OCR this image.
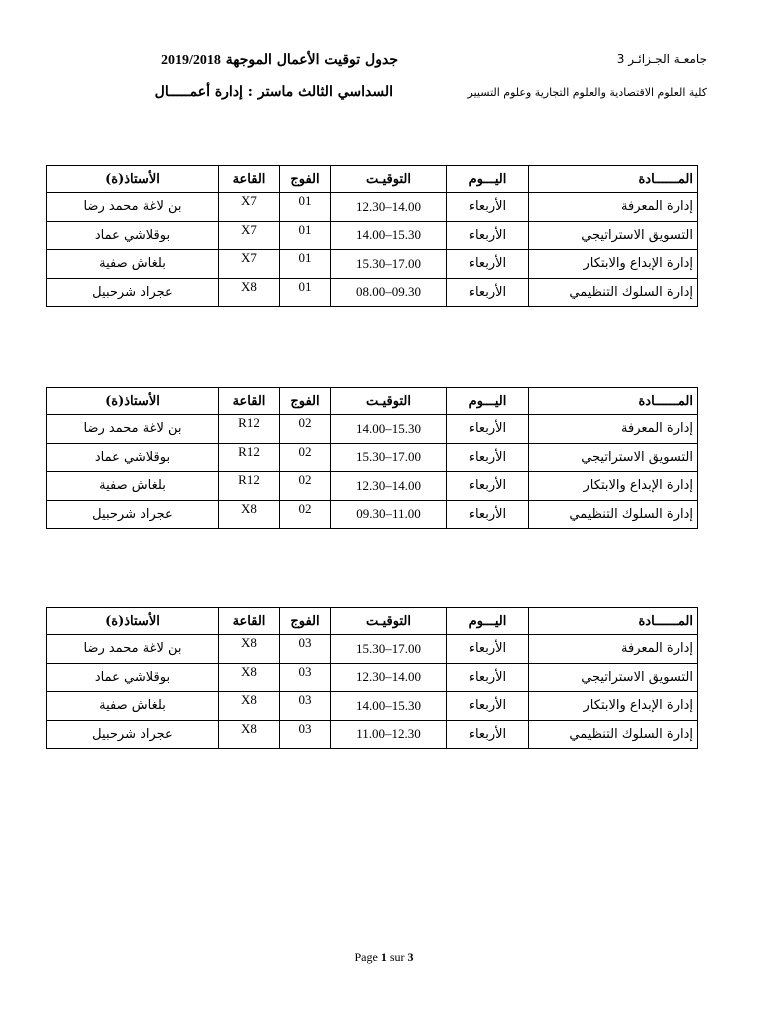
جامعـة الجـزائـر 3
جدول توقيت الأعمال الموجهة 2019/2018
كلية العلوم الاقتصادية والعلوم التجارية وعلوم التسيير
السداسي الثالث ماستر : إدارة أعمـــــال
المــــــادة	اليـــوم	التوقيـت	الفوج	القاعة	الأستاذ(ة)
إدارة المعرفة	الأربعاء	14.00–12.30	01	X7	بن لاغة محمد رضا
التسويق الاستراتيجي	الأربعاء	15.30–14.00	01	X7	بوقلاشي عماد
إدارة الإبداع والابتكار	الأربعاء	17.00–15.30	01	X7	بلغاش صفية
إدارة السلوك التنظيمي	الأربعاء	09.30–08.00	01	X8	عجراد شرحبيل
المــــــادة	اليـــوم	التوقيـت	الفوج	القاعة	الأستاذ(ة)
إدارة المعرفة	الأربعاء	15.30–14.00	02	R12	بن لاغة محمد رضا
التسويق الاستراتيجي	الأربعاء	17.00–15.30	02	R12	بوقلاشي عماد
إدارة الإبداع والابتكار	الأربعاء	14.00–12.30	02	R12	بلغاش صفية
إدارة السلوك التنظيمي	الأربعاء	11.00–09.30	02	X8	عجراد شرحبيل
المــــــادة	اليـــوم	التوقيـت	الفوج	القاعة	الأستاذ(ة)
إدارة المعرفة	الأربعاء	17.00–15.30	03	X8	بن لاغة محمد رضا
التسويق الاستراتيجي	الأربعاء	14.00–12.30	03	X8	بوقلاشي عماد
إدارة الإبداع والابتكار	الأربعاء	15.30–14.00	03	X8	بلغاش صفية
إدارة السلوك التنظيمي	الأربعاء	12.30–11.00	03	X8	عجراد شرحبيل
Page 1 sur 3
